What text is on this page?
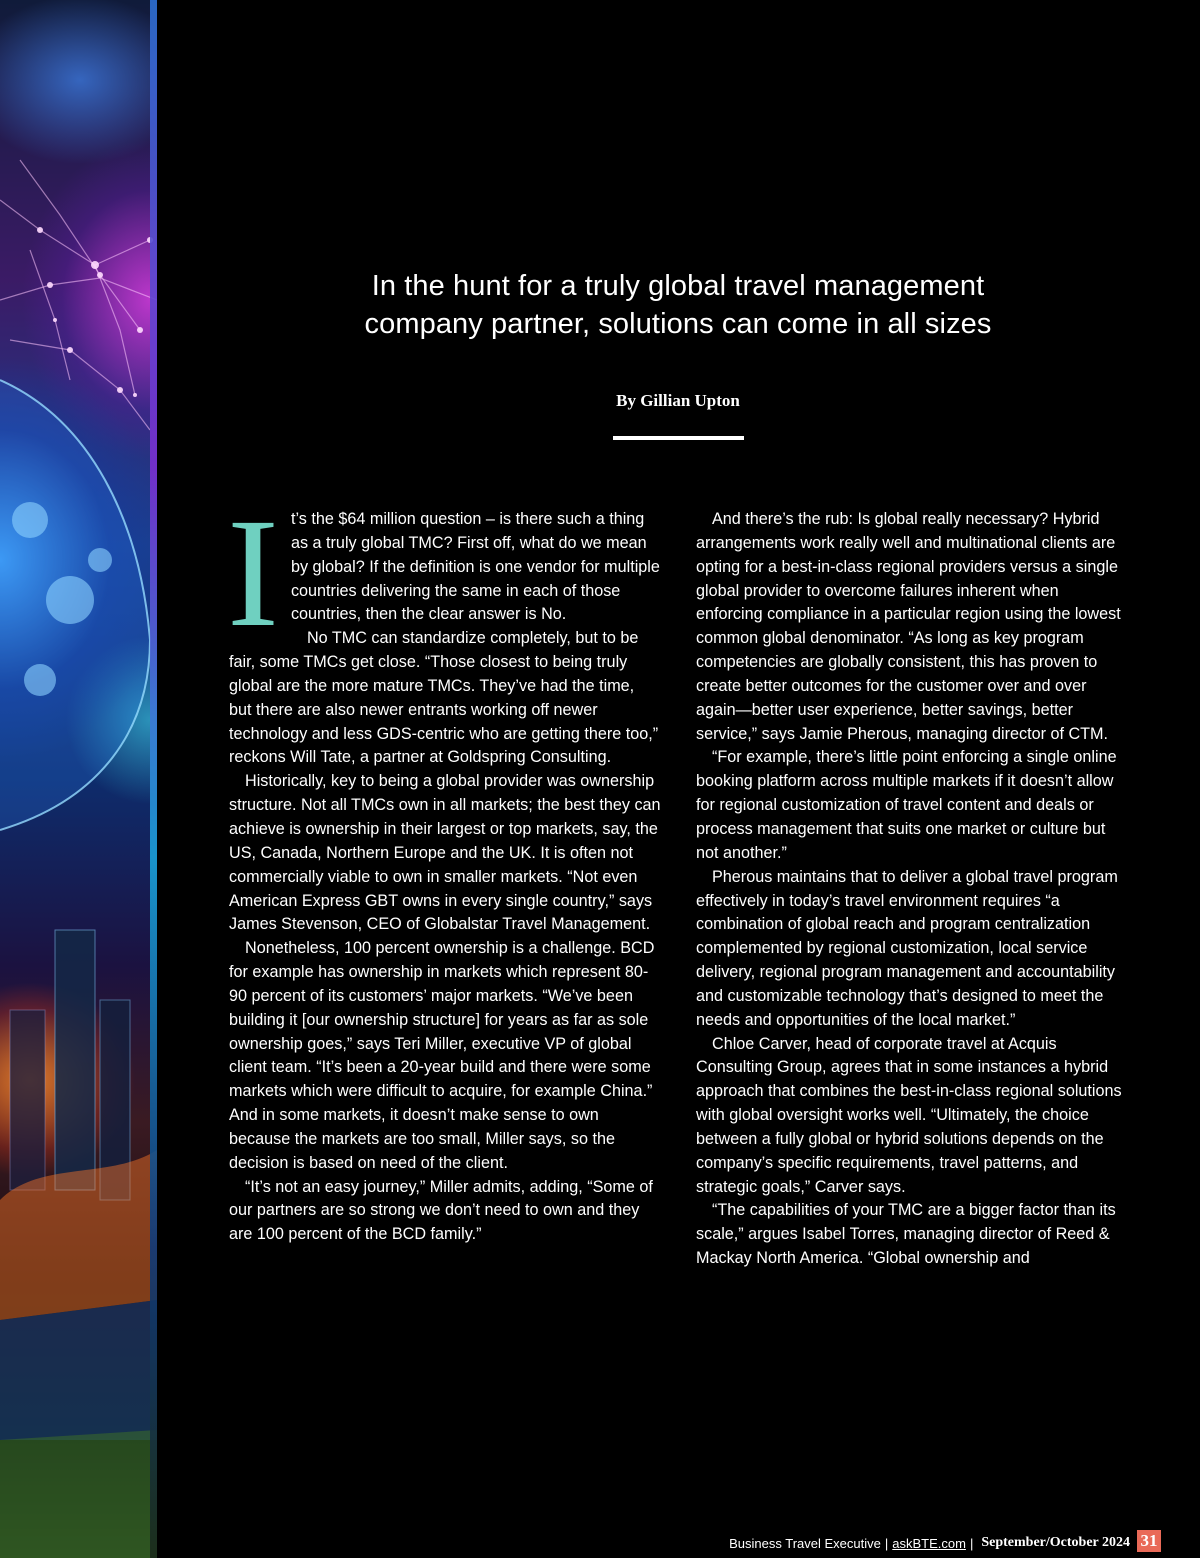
In the hunt for a truly global travel management
company partner, solutions can come in all sizes
By Gillian Upton

It’s the $64 million question – is there such a thing as a truly global TMC? First off, what do we mean by global? If the definition is one vendor for multiple countries delivering the same in each of those countries, then the clear answer is No.

No TMC can standardize completely, but to be fair, some TMCs get close. “Those closest to being truly global are the more mature TMCs. They’ve had the time, but there are also newer entrants working off newer technology and less GDS-centric who are getting there too,” reckons Will Tate, a partner at Goldspring Consulting.

Historically, key to being a global provider was ownership structure. Not all TMCs own in all markets; the best they can achieve is ownership in their largest or top markets, say, the US, Canada, Northern Europe and the UK. It is often not commercially viable to own in smaller markets. “Not even American Express GBT owns in every single country,” says James Stevenson, CEO of Globalstar Travel Management.

Nonetheless, 100 percent ownership is a challenge. BCD for example has ownership in markets which represent 80-90 percent of its customers’ major markets. “We’ve been building it [our ownership structure] for years as far as sole ownership goes,” says Teri Miller, executive VP of global client team. “It’s been a 20-year build and there were some markets which were difficult to acquire, for example China.” And in some markets, it doesn’t make sense to own because the markets are too small, Miller says, so the decision is based on need of the client.

“It’s not an easy journey,” Miller admits, adding, “Some of our partners are so strong we don’t need to own and they are 100 percent of the BCD family.”

And there’s the rub: Is global really necessary? Hybrid arrangements work really well and multinational clients are opting for a best-in-class regional providers versus a single global provider to overcome failures inherent when enforcing compliance in a particular region using the lowest common global denominator. “As long as key program competencies are globally consistent, this has proven to create better outcomes for the customer over and over again—better user experience, better savings, better service,” says Jamie Pherous, managing director of CTM.

“For example, there’s little point enforcing a single online booking platform across multiple markets if it doesn’t allow for regional customization of travel content and deals or process management that suits one market or culture but not another.”

Pherous maintains that to deliver a global travel program effectively in today’s travel environment requires “a combination of global reach and program centralization complemented by regional customization, local service delivery, regional program management and accountability and customizable technology that’s designed to meet the needs and opportunities of the local market.”

Chloe Carver, head of corporate travel at Acquis Consulting Group, agrees that in some instances a hybrid approach that combines the best-in-class regional solutions with global oversight works well. “Ultimately, the choice between a fully global or hybrid solutions depends on the company’s specific requirements, travel patterns, and strategic goals,” Carver says.

“The capabilities of your TMC are a bigger factor than its scale,” argues Isabel Torres, managing director of Reed & Mackay North America. “Global ownership and

Business Travel Executive | askBTE.com | September/October 2024 31
